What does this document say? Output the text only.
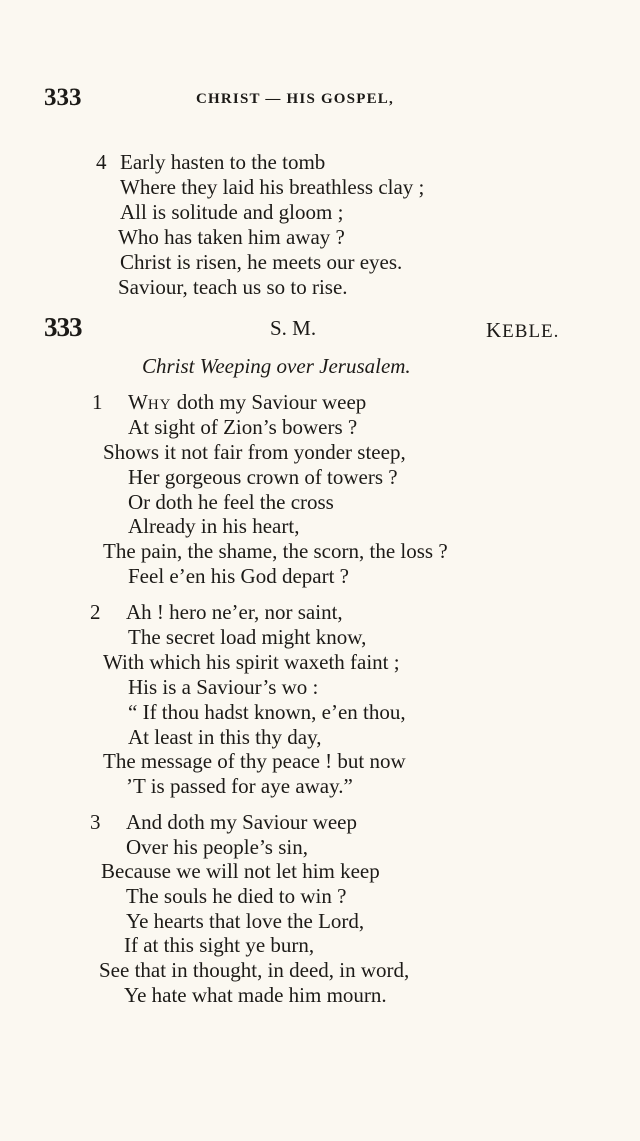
333	CHRIST — HIS GOSPEL,
4 Early hasten to the tomb
Where they laid his breathless clay ;
All is solitude and gloom ;
Who has taken him away ?
Christ is risen, he meets our eyes.
Saviour, teach us so to rise.
333	S. M.	KEBLE.
Christ Weeping over Jerusalem.
1 WHY doth my Saviour weep
At sight of Zion’s bowers ?
Shows it not fair from yonder steep,
Her gorgeous crown of towers ?
Or doth he feel the cross
Already in his heart,
The pain, the shame, the scorn, the loss ?
Feel e’en his God depart ?
2 Ah ! hero ne’er, nor saint,
The secret load might know,
With which his spirit waxeth faint ;
His is a Saviour’s wo :
“ If thou hadst known, e’en thou,
At least in this thy day,
The message of thy peace ! but now
’T is passed for aye away.”
3 And doth my Saviour weep
Over his people’s sin,
Because we will not let him keep
The souls he died to win ?
Ye hearts that love the Lord,
If at this sight ye burn,
See that in thought, in deed, in word,
Ye hate what made him mourn.
